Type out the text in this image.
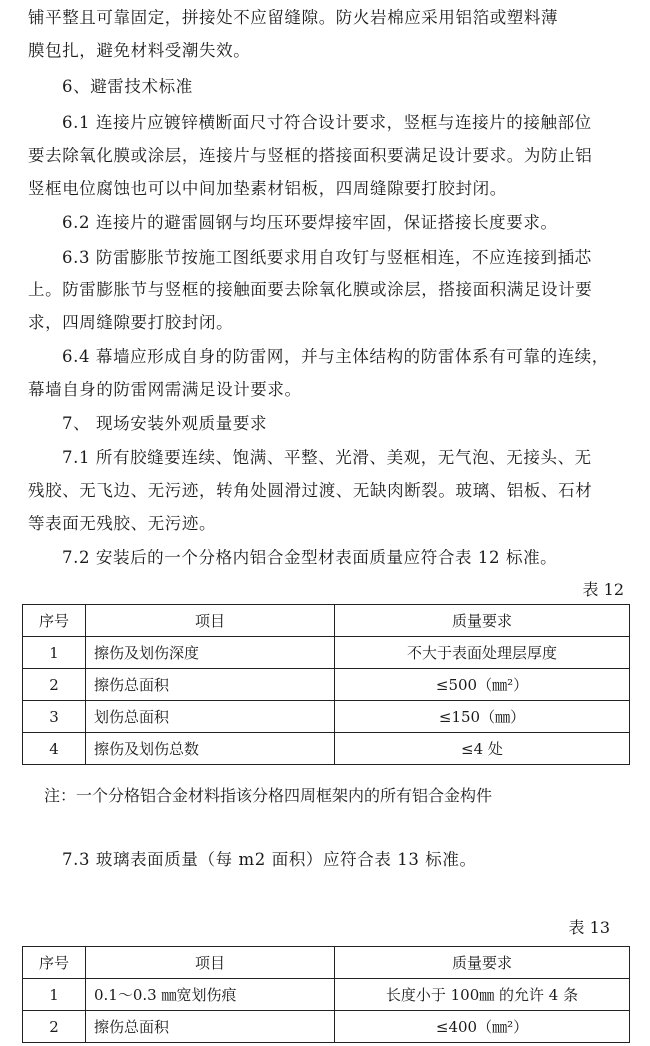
铺平整且可靠固定，拼接处不应留缝隙。防火岩棉应采用铝箔或塑料薄
膜包扎，避免材料受潮失效。
6、避雷技术标准
6.1 连接片应镀锌横断面尺寸符合设计要求，竖框与连接片的接触部位
要去除氧化膜或涂层，连接片与竖框的搭接面积要满足设计要求。为防止铝
竖框电位腐蚀也可以中间加垫素材铝板，四周缝隙要打胶封闭。
6.2 连接片的避雷圆钢与均压环要焊接牢固，保证搭接长度要求。
6.3 防雷膨胀节按施工图纸要求用自攻钉与竖框相连，不应连接到插芯
上。防雷膨胀节与竖框的接触面要去除氧化膜或涂层，搭接面积满足设计要
求，四周缝隙要打胶封闭。
6.4 幕墙应形成自身的防雷网，并与主体结构的防雷体系有可靠的连续，
幕墙自身的防雷网需满足设计要求。
7、 现场安装外观质量要求
7.1 所有胶缝要连续、饱满、平整、光滑、美观，无气泡、无接头、无
残胶、无飞边、无污迹，转角处圆滑过渡、无缺肉断裂。玻璃、铝板、石材
等表面无残胶、无污迹。
7.2 安装后的一个分格内铝合金型材表面质量应符合表 12 标准。
表 12
序号	项目	质量要求
1	擦伤及划伤深度	不大于表面处理层厚度
2	擦伤总面积	≤500（㎜²）
3	划伤总面积	≤150（㎜）
4	擦伤及划伤总数	≤4 处
注：一个分格铝合金材料指该分格四周框架内的所有铝合金构件
7.3 玻璃表面质量（每 m2 面积）应符合表 13 标准。
表 13
序号	项目	质量要求
1	0.1～0.3 ㎜宽划伤痕	长度小于 100㎜ 的允许 4 条
2	擦伤总面积	≤400（㎜²）
